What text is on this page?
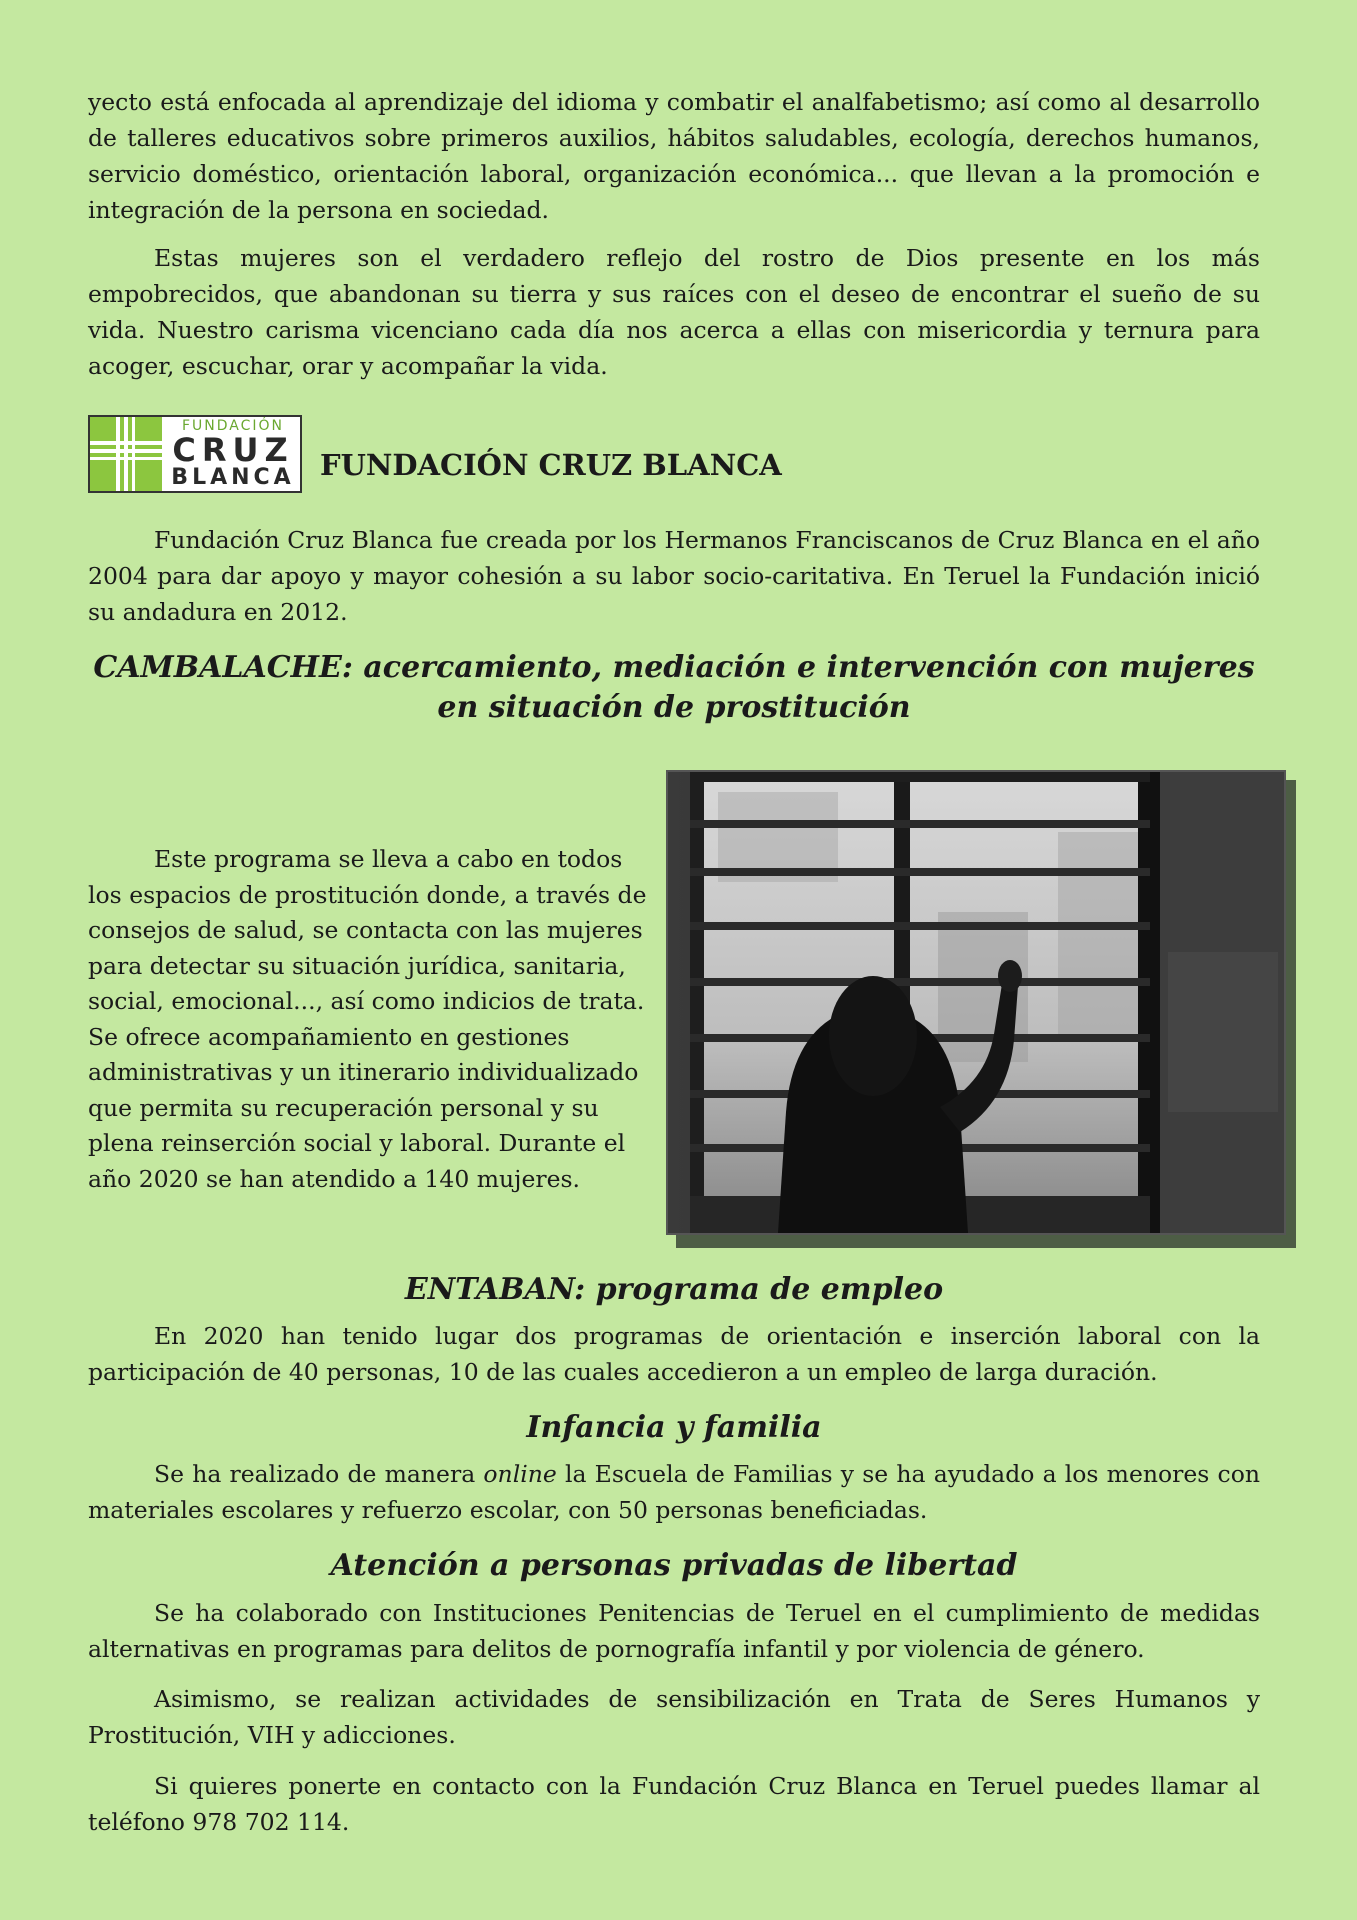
yecto está enfocada al aprendizaje del idioma y combatir el analfabetismo; así como al desarrollo de talleres educativos sobre primeros auxilios, hábitos saludables, ecología, derechos humanos, servicio doméstico, orientación laboral, organización económica... que llevan a la promoción e integración de la persona en sociedad.

Estas mujeres son el verdadero reflejo del rostro de Dios presente en los más empobrecidos, que abandonan su tierra y sus raíces con el deseo de encontrar el sueño de su vida. Nuestro carisma vicenciano cada día nos acerca a ellas con misericordia y ternura para acoger, escuchar, orar y acompañar la vida.

FUNDACIÓN
CRUZ
BLANCA FUNDACIÓN CRUZ BLANCA

Fundación Cruz Blanca fue creada por los Hermanos Franciscanos de Cruz Blanca en el año 2004 para dar apoyo y mayor cohesión a su labor socio-caritativa. En Teruel la Fundación inició su andadura en 2012.

CAMBALACHE: acercamiento, mediación e intervención con mujeres
en situación de prostitución

Este programa se lleva a cabo en todos los espacios de prostitución donde, a través de consejos de salud, se contacta con las mujeres para detectar su situación jurídica, sanitaria, social, emocional..., así como indicios de trata. Se ofrece acompañamiento en gestiones administrativas y un itinerario individualizado que permita su recuperación personal y su plena reinserción social y laboral. Durante el año 2020 se han atendido a 140 mujeres.

ENTABAN: programa de empleo

En 2020 han tenido lugar dos programas de orientación e inserción laboral con la participación de 40 personas, 10 de las cuales accedieron a un empleo de larga duración.

Infancia y familia

Se ha realizado de manera online la Escuela de Familias y se ha ayudado a los menores con materiales escolares y refuerzo escolar, con 50 personas beneficiadas.

Atención a personas privadas de libertad

Se ha colaborado con Instituciones Penitencias de Teruel en el cumplimiento de medidas alternativas en programas para delitos de pornografía infantil y por violencia de género.

Asimismo, se realizan actividades de sensibilización en Trata de Seres Humanos y Prostitución, VIH y adicciones.

Si quieres ponerte en contacto con la Fundación Cruz Blanca en Teruel puedes llamar al teléfono 978 702 114.
